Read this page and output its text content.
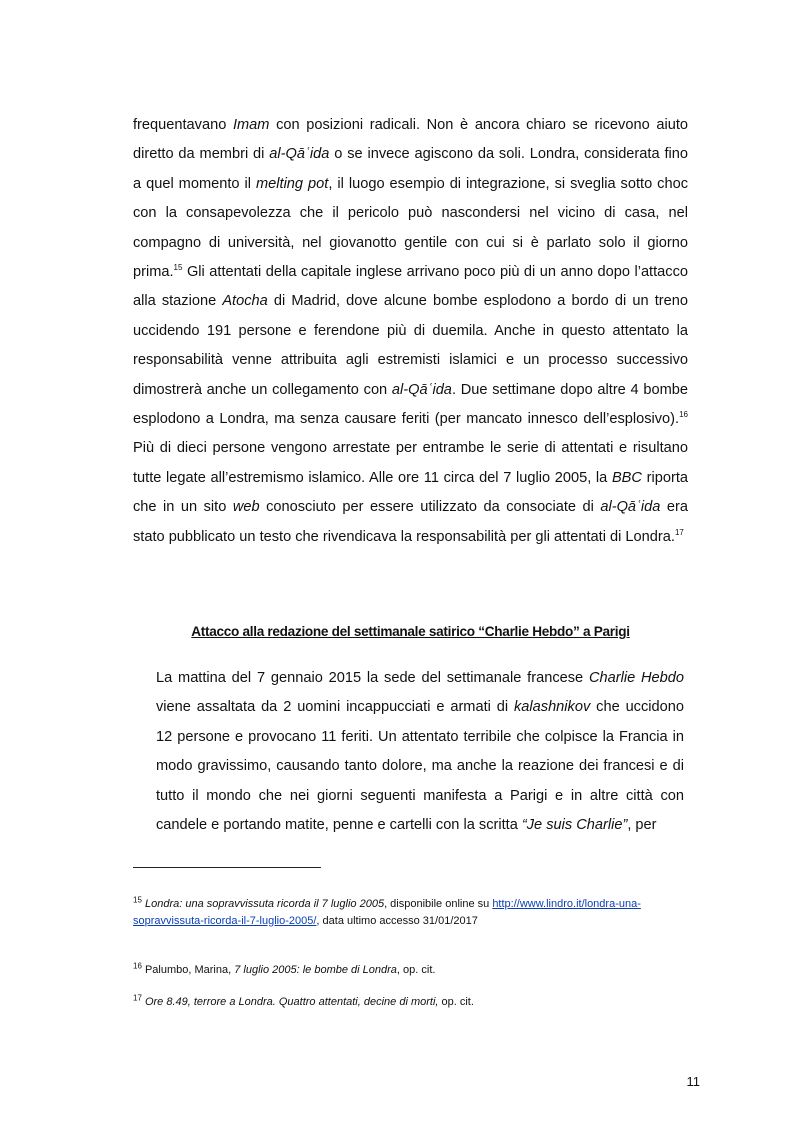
frequentavano Imam con posizioni radicali. Non è ancora chiaro se ricevono aiuto diretto da membri di al-Qāʿida o se invece agiscono da soli. Londra, considerata fino a quel momento il melting pot, il luogo esempio di integrazione, si sveglia sotto choc con la consapevolezza che il pericolo può nascondersi nel vicino di casa, nel compagno di università, nel giovanotto gentile con cui si è parlato solo il giorno prima.$^{15}$ Gli attentati della capitale inglese arrivano poco più di un anno dopo l’attacco alla stazione Atocha di Madrid, dove alcune bombe esplodono a bordo di un treno uccidendo 191 persone e ferendone più di duemila. Anche in questo attentato la responsabilità venne attribuita agli estremisti islamici e un processo successivo dimostrerà anche un collegamento con al-Qāʿida. Due settimane dopo altre 4 bombe esplodono a Londra, ma senza causare feriti (per mancato innesco dell’esplosivo).$^{16}$ Più di dieci persone vengono arrestate per entrambe le serie di attentati e risultano tutte legate all’estremismo islamico. Alle ore 11 circa del 7 luglio 2005, la BBC riporta che in un sito web conosciuto per essere utilizzato da consociate di al-Qāʿida era stato pubblicato un testo che rivendicava la responsabilità per gli attentati di Londra.$^{17}$

Attacco alla redazione del settimanale satirico “Charlie Hebdo” a Parigi

La mattina del 7 gennaio 2015 la sede del settimanale francese Charlie Hebdo viene assaltata da 2 uomini incappucciati e armati di kalashnikov che uccidono 12 persone e provocano 11 feriti. Un attentato terribile che colpisce la Francia in modo gravissimo, causando tanto dolore, ma anche la reazione dei francesi e di tutto il mondo che nei giorni seguenti manifesta a Parigi e in altre città con candele e portando matite, penne e cartelli con la scritta “Je suis Charlie”, per

$^{15}$ Londra: una sopravvissuta ricorda il 7 luglio 2005, disponibile online su http://www.lindro.it/londra-una-sopravvissuta-ricorda-il-7-luglio-2005/, data ultimo accesso 31/01/2017

$^{16}$ Palumbo, Marina, 7 luglio 2005: le bombe di Londra, op. cit.

$^{17}$ Ore 8.49, terrore a Londra. Quattro attentati, decine di morti, op. cit.

11
